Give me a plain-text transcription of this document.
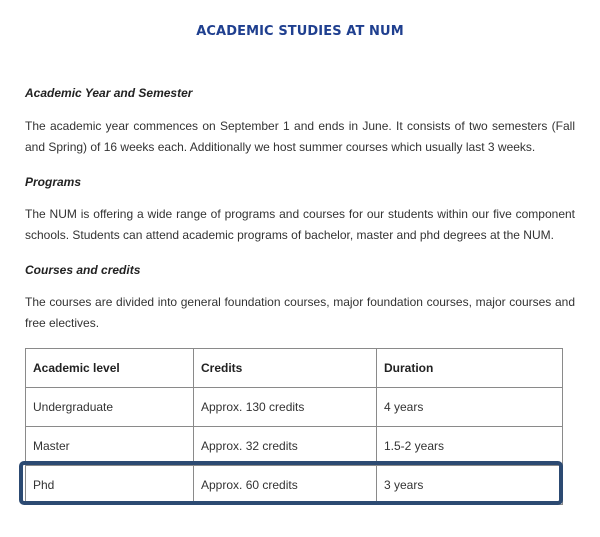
ACADEMIC STUDIES AT NUM
Academic Year and Semester
The academic year commences on September 1 and ends in June. It consists of two semesters (Fall and Spring) of 16 weeks each. Additionally we host summer courses which usually last 3 weeks.
Programs
The NUM is offering a wide range of programs and courses for our students within our five component schools. Students can attend academic programs of bachelor, master and phd degrees at the NUM.
Courses and credits
The courses are divided into general foundation courses, major foundation courses, major courses and free electives.
Academic level	Credits	Duration
Undergraduate	Approx. 130 credits	4 years
Master	Approx. 32 credits	1.5-2 years
Phd	Approx. 60 credits	3 years
